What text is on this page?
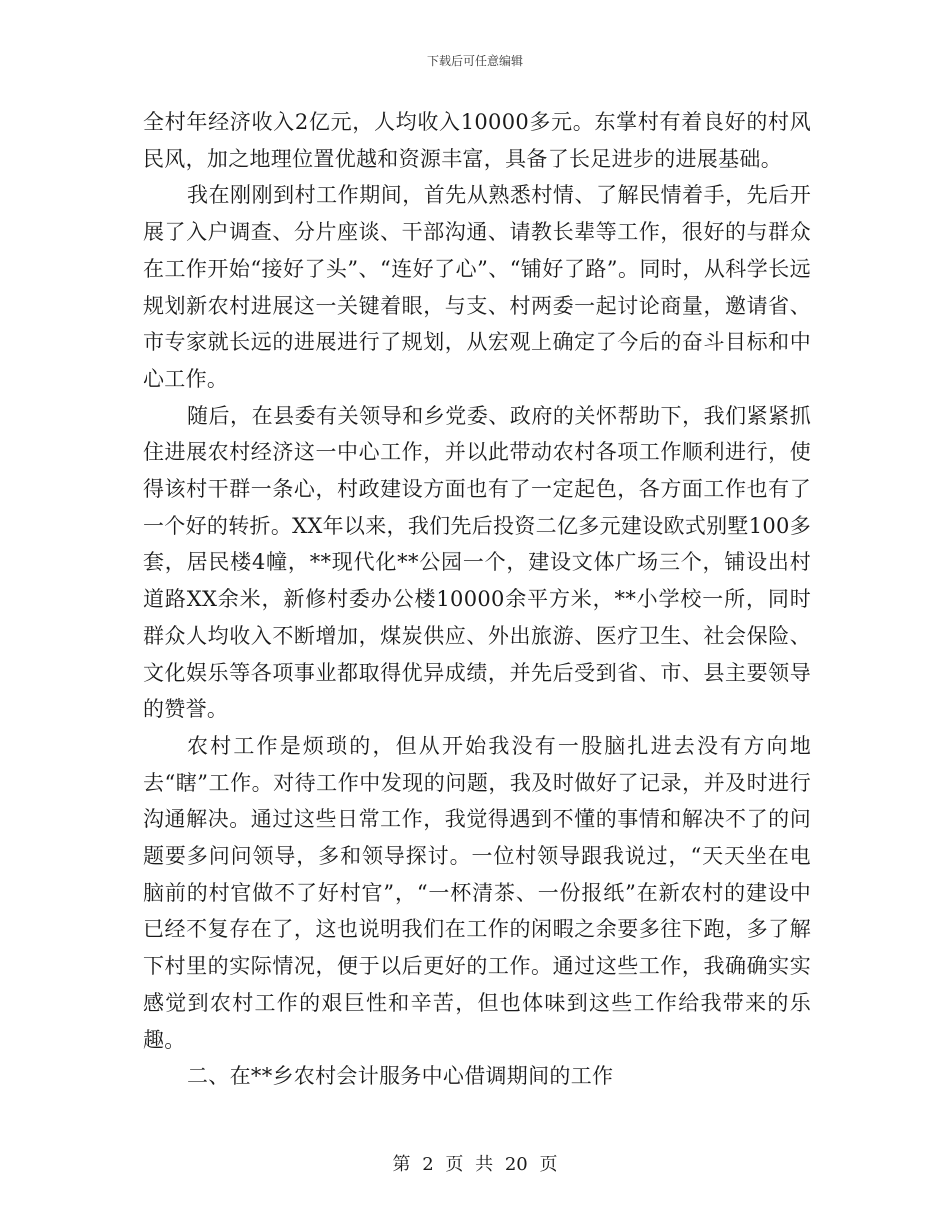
下载后可任意编辑

全村年经济收入2亿元，人均收入10000多元。东掌村有着良好的村风民风，加之地理位置优越和资源丰富，具备了长足进步的进展基础。

我在刚刚到村工作期间，首先从熟悉村情、了解民情着手，先后开展了入户调查、分片座谈、干部沟通、请教长辈等工作，很好的与群众在工作开始“接好了头”、“连好了心”、“铺好了路”。同时，从科学长远规划新农村进展这一关键着眼，与支、村两委一起讨论商量，邀请省、市专家就长远的进展进行了规划，从宏观上确定了今后的奋斗目标和中心工作。

随后，在县委有关领导和乡党委、政府的关怀帮助下，我们紧紧抓住进展农村经济这一中心工作，并以此带动农村各项工作顺利进行，使得该村干群一条心，村政建设方面也有了一定起色，各方面工作也有了一个好的转折。XX年以来，我们先后投资二亿多元建设欧式别墅100多套，居民楼4幢，**现代化**公园一个，建设文体广场三个，铺设出村道路XX余米，新修村委办公楼10000余平方米，**小学校一所，同时群众人均收入不断增加，煤炭供应、外出旅游、医疗卫生、社会保险、文化娱乐等各项事业都取得优异成绩，并先后受到省、市、县主要领导的赞誉。

农村工作是烦琐的，但从开始我没有一股脑扎进去没有方向地去“瞎”工作。对待工作中发现的问题，我及时做好了记录，并及时进行沟通解决。通过这些日常工作，我觉得遇到不懂的事情和解决不了的问题要多问问领导，多和领导探讨。一位村领导跟我说过，“天天坐在电脑前的村官做不了好村官”，“一杯清茶、一份报纸”在新农村的建设中已经不复存在了，这也说明我们在工作的闲暇之余要多往下跑，多了解下村里的实际情况，便于以后更好的工作。通过这些工作，我确确实实感觉到农村工作的艰巨性和辛苦，但也体味到这些工作给我带来的乐趣。

二、在**乡农村会计服务中心借调期间的工作

第 2 页 共 20 页
